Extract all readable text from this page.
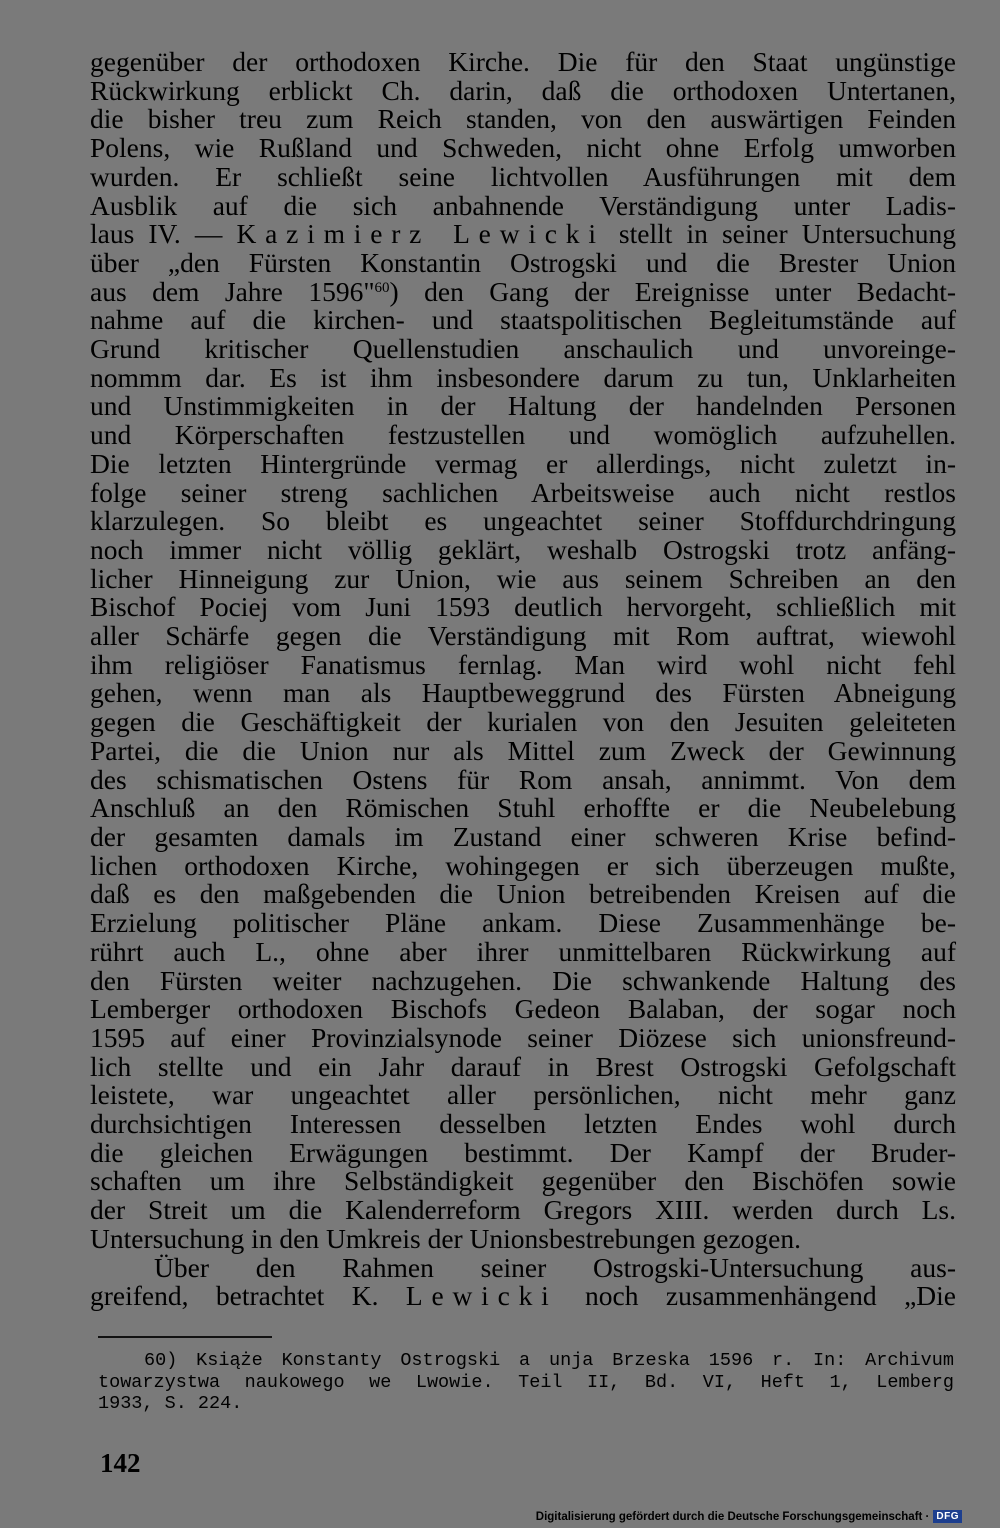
gegenüber der orthodoxen Kirche. Die für den Staat ungünstige
Rückwirkung erblickt Ch. darin, daß die orthodoxen Untertanen,
die bisher treu zum Reich standen, von den auswärtigen Feinden
Polens, wie Rußland und Schweden, nicht ohne Erfolg umworben
wurden. Er schließt seine lichtvollen Ausführungen mit dem
Ausblik auf die sich anbahnende Verständigung unter Ladis-
laus IV. — Kazimierz Lewicki stellt in seiner Untersuchung
über „den Fürsten Konstantin Ostrogski und die Brester Union
aus dem Jahre 1596"$^{60}$) den Gang der Ereignisse unter Bedacht-
nahme auf die kirchen- und staatspolitischen Begleitumstände auf
Grund kritischer Quellenstudien anschaulich und unvoreinge-
nommm dar. Es ist ihm insbesondere darum zu tun, Unklarheiten
und Unstimmigkeiten in der Haltung der handelnden Personen
und Körperschaften festzustellen und womöglich aufzuhellen.
Die letzten Hintergründe vermag er allerdings, nicht zuletzt in-
folge seiner streng sachlichen Arbeitsweise auch nicht restlos
klarzulegen. So bleibt es ungeachtet seiner Stoffdurchdringung
noch immer nicht völlig geklärt, weshalb Ostrogski trotz anfäng-
licher Hinneigung zur Union, wie aus seinem Schreiben an den
Bischof Pociej vom Juni 1593 deutlich hervorgeht, schließlich mit
aller Schärfe gegen die Verständigung mit Rom auftrat, wiewohl
ihm religiöser Fanatismus fernlag. Man wird wohl nicht fehl
gehen, wenn man als Hauptbeweggrund des Fürsten Abneigung
gegen die Geschäftigkeit der kurialen von den Jesuiten geleiteten
Partei, die die Union nur als Mittel zum Zweck der Gewinnung
des schismatischen Ostens für Rom ansah, annimmt. Von dem
Anschluß an den Römischen Stuhl erhoffte er die Neubelebung
der gesamten damals im Zustand einer schweren Krise befind-
lichen orthodoxen Kirche, wohingegen er sich überzeugen mußte,
daß es den maßgebenden die Union betreibenden Kreisen auf die
Erzielung politischer Pläne ankam. Diese Zusammenhänge be-
rührt auch L., ohne aber ihrer unmittelbaren Rückwirkung auf
den Fürsten weiter nachzugehen. Die schwankende Haltung des
Lemberger orthodoxen Bischofs Gedeon Balaban, der sogar noch
1595 auf einer Provinzialsynode seiner Diözese sich unionsfreund-
lich stellte und ein Jahr darauf in Brest Ostrogski Gefolgschaft
leistete, war ungeachtet aller persönlichen, nicht mehr ganz
durchsichtigen Interessen desselben letzten Endes wohl durch
die gleichen Erwägungen bestimmt. Der Kampf der Bruder-
schaften um ihre Selbständigkeit gegenüber den Bischöfen sowie
der Streit um die Kalenderreform Gregors XIII. werden durch Ls.
Untersuchung in den Umkreis der Unionsbestrebungen gezogen.
Über den Rahmen seiner Ostrogski-Untersuchung aus-
greifend, betrachtet K. Lewicki noch zusammenhängend „Die
60) Książe Konstanty Ostrogski a unja Brzeska 1596 r. In: Archivum
towarzystwa naukowego we Lwowie. Teil II, Bd. VI, Heft 1, Lemberg
1933, S. 224.
142
Digitalisierung gefördert durch die Deutsche Forschungsgemeinschaft · DFG
